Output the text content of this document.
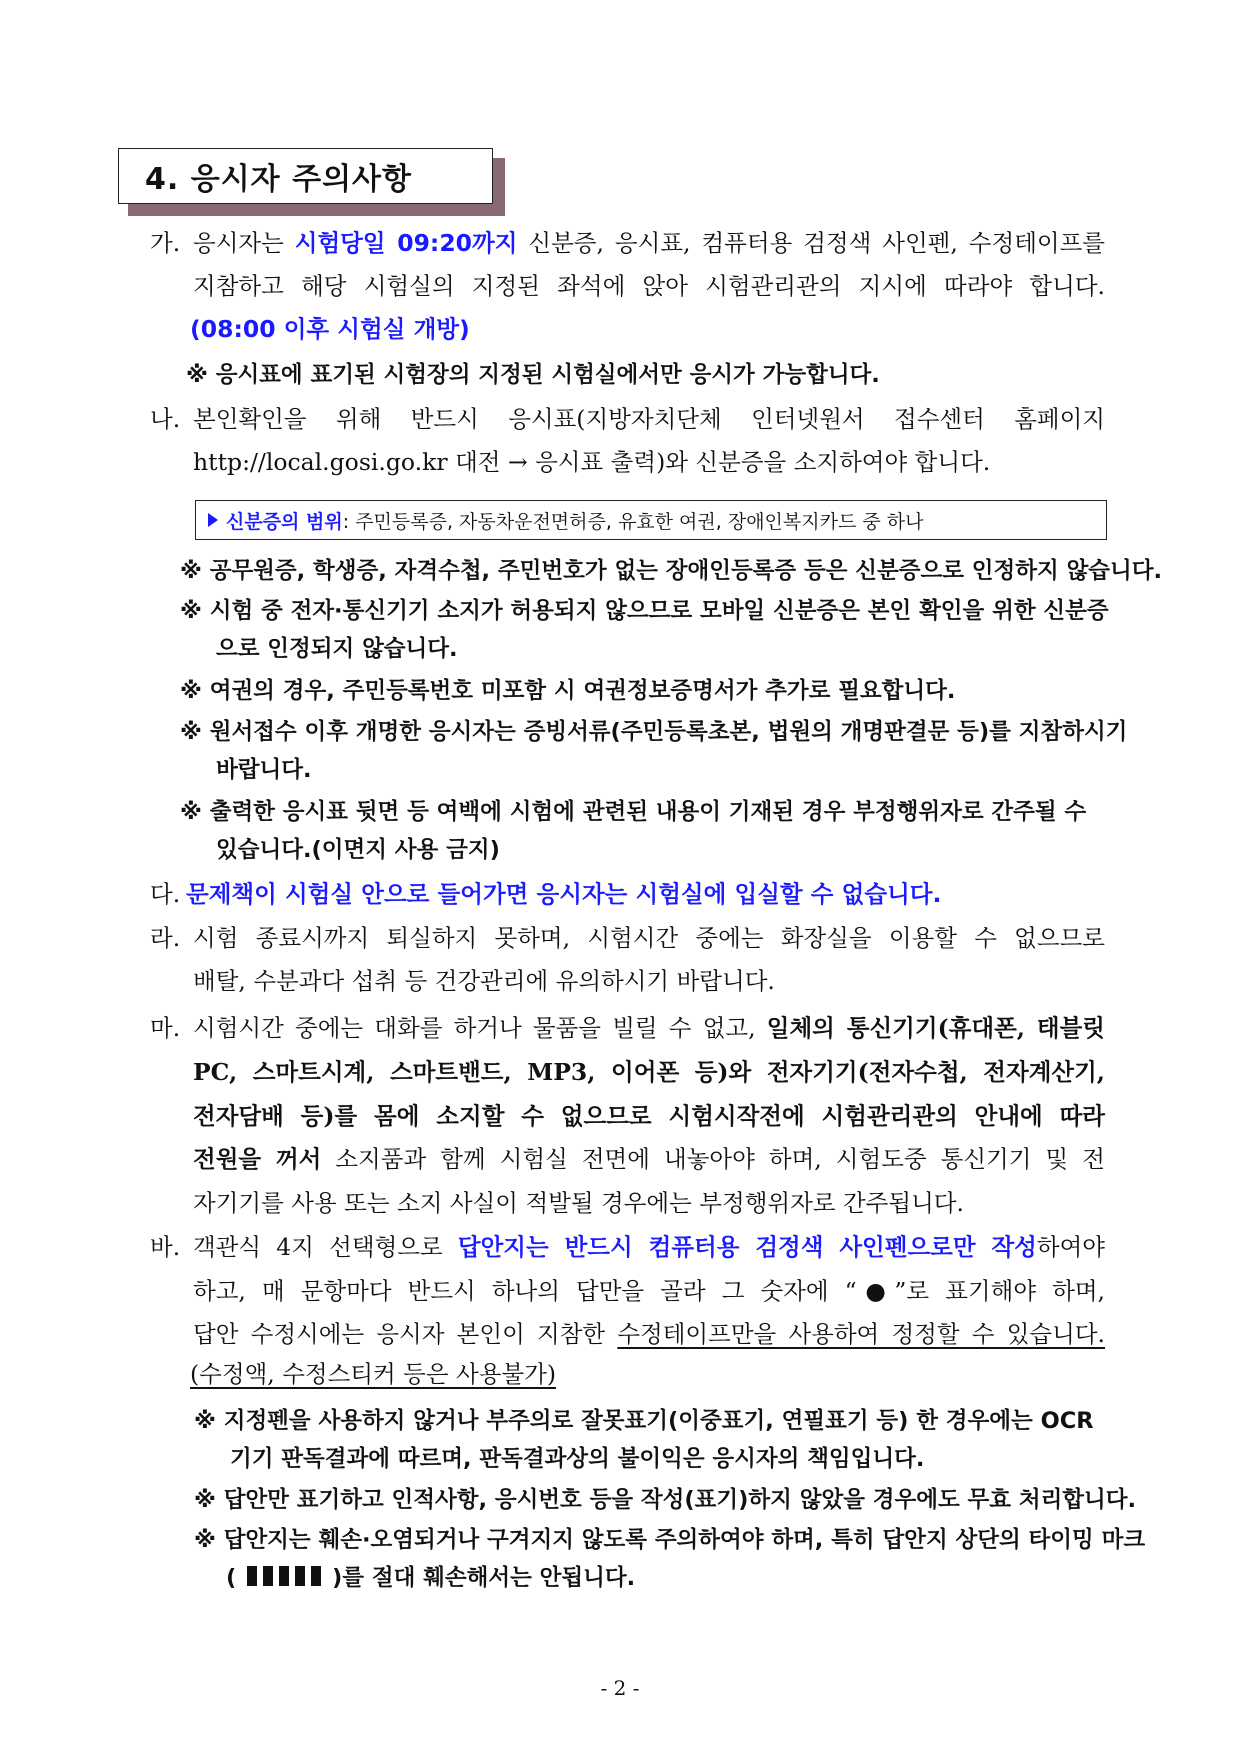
4. 응시자 주의사항
가. 응시자는 시험당일 09:20까지 신분증, 응시표, 컴퓨터용 검정색 사인펜, 수정테이프를
지참하고 해당 시험실의 지정된 좌석에 앉아 시험관리관의 지시에 따라야 합니다.
(08:00 이후 시험실 개방)
※ 응시표에 표기된 시험장의 지정된 시험실에서만 응시가 가능합니다.
나. 본인확인을 위해 반드시 응시표(지방자치단체 인터넷원서 접수센터 홈페이지
http://local.gosi.go.kr 대전 → 응시표 출력)와 신분증을 소지하여야 합니다.
신분증의 범위 : 주민등록증, 자동차운전면허증, 유효한 여권, 장애인복지카드 중 하나
※ 공무원증, 학생증, 자격수첩, 주민번호가 없는 장애인등록증 등은 신분증으로 인정하지 않습니다.
※ 시험 중 전자·통신기기 소지가 허용되지 않으므로 모바일 신분증은 본인 확인을 위한 신분증
으로 인정되지 않습니다.
※ 여권의 경우, 주민등록번호 미포함 시 여권정보증명서가 추가로 필요합니다.
※ 원서접수 이후 개명한 응시자는 증빙서류(주민등록초본, 법원의 개명판결문 등)를 지참하시기
바랍니다.
※ 출력한 응시표 뒷면 등 여백에 시험에 관련된 내용이 기재된 경우 부정행위자로 간주될 수
있습니다.(이면지 사용 금지)
다. 문제책이 시험실 안으로 들어가면 응시자는 시험실에 입실할 수 없습니다.
라. 시험 종료시까지 퇴실하지 못하며, 시험시간 중에는 화장실을 이용할 수 없으므로
배탈, 수분과다 섭취 등 건강관리에 유의하시기 바랍니다.
마. 시험시간 중에는 대화를 하거나 물품을 빌릴 수 없고, 일체의 통신기기(휴대폰, 태블릿
PC, 스마트시계, 스마트밴드, MP3, 이어폰 등)와 전자기기(전자수첩, 전자계산기,
전자담배 등)를 몸에 소지할 수 없으므로 시험시작전에 시험관리관의 안내에 따라
전원을 꺼서 소지품과 함께 시험실 전면에 내놓아야 하며, 시험도중 통신기기 및 전
자기기를 사용 또는 소지 사실이 적발될 경우에는 부정행위자로 간주됩니다.
바. 객관식 4지 선택형으로 답안지는 반드시 컴퓨터용 검정색 사인펜으로만 작성하여야
하고, 매 문항마다 반드시 하나의 답만을 골라 그 숫자에 “●”로 표기해야 하며,
답안 수정시에는 응시자 본인이 지참한 수정테이프만을 사용하여 정정할 수 있습니다.
(수정액, 수정스티커 등은 사용불가)
※ 지정펜을 사용하지 않거나 부주의로 잘못표기(이중표기, 연필표기 등) 한 경우에는 OCR
기기 판독결과에 따르며, 판독결과상의 불이익은 응시자의 책임입니다.
※ 답안만 표기하고 인적사항, 응시번호 등을 작성(표기)하지 않았을 경우에도 무효 처리합니다.
※ 답안지는 훼손·오염되거나 구겨지지 않도록 주의하여야 하며, 특히 답안지 상단의 타이밍 마크
(	)를 절대 훼손해서는 안됩니다.
- 2 -
